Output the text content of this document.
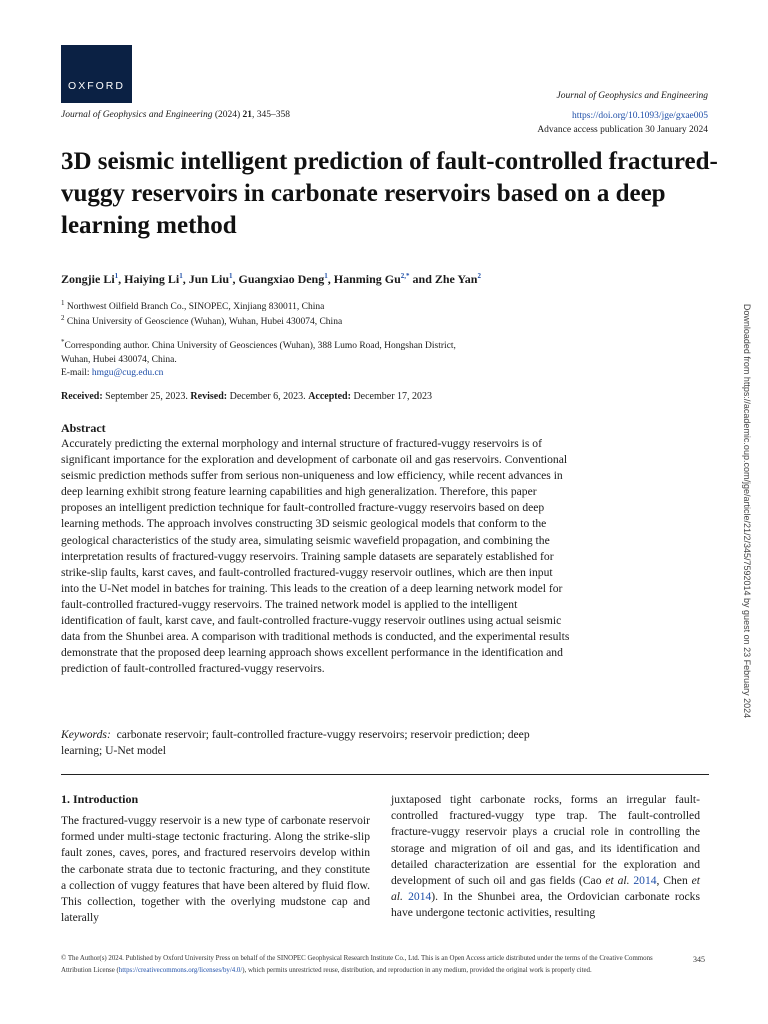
OXFORD
Journal of Geophysics and Engineering
https://doi.org/10.1093/jge/gxae005
Advance access publication 30 January 2024
Journal of Geophysics and Engineering (2024) 21, 345–358
3D seismic intelligent prediction of fault-controlled fractured-vuggy reservoirs in carbonate reservoirs based on a deep learning method
Zongjie Li$^1$, Haiying Li$^1$, Jun Liu$^1$, Guangxiao Deng$^1$, Hanming $Gu^{2,*}$ and Zhe Yan$^2$
$^1$ Northwest Oilfield Branch Co., SINOPEC, Xinjiang 830011, China
$^2$ China University of Geoscience (Wuhan), Wuhan, Hubei 430074, China
*Corresponding author. China University of Geosciences (Wuhan), 388 Lumo Road, Hongshan District,
Wuhan, Hubei 430074, China.
E-mail: hmgu@cug.edu.cn
Received: September 25, 2023. Revised: December 6, 2023. Accepted: December 17, 2023
Abstract
Accurately predicting the external morphology and internal structure of fractured-vuggy reservoirs is of significant importance for the exploration and development of carbonate oil and gas reservoirs. Conventional seismic prediction methods suffer from serious non-uniqueness and low efficiency, while recent advances in deep learning exhibit strong feature learning capabilities and high generalization. Therefore, this paper proposes an intelligent prediction technique for fault-controlled fracture-vuggy reservoirs based on deep learning methods. The approach involves constructing 3D seismic geological models that conform to the geological characteristics of the study area, simulating seismic wavefield propagation, and combining the interpretation results of fractured-vuggy reservoirs. Training sample datasets are separately established for strike-slip faults, karst caves, and fault-controlled fractured-vuggy reservoir outlines, which are then input into the U-Net model in batches for training. This leads to the creation of a deep learning network model for fault-controlled fractured-vuggy reservoirs. The trained network model is applied to the intelligent identification of fault, karst cave, and fault-controlled fracture-vuggy reservoir outlines using actual seismic data from the Shunbei area. A comparison with traditional methods is conducted, and the experimental results demonstrate that the proposed deep learning approach shows excellent performance in the identification and prediction of fault-controlled fractured-vuggy reservoirs.
Keywords: carbonate reservoir; fault-controlled fracture-vuggy reservoirs; reservoir prediction; deep learning; U-Net model
1. Introduction
The fractured-vuggy reservoir is a new type of carbonate reservoir formed under multi-stage tectonic fracturing. Along the strike-slip fault zones, caves, pores, and fractured reservoirs develop within the carbonate strata due to tectonic fracturing, and they constitute a collection of vuggy features that have been altered by fluid flow. This collection, together with the overlying mudstone cap and laterally
juxtaposed tight carbonate rocks, forms an irregular fault-controlled fractured-vuggy type trap. The fault-controlled fracture-vuggy reservoir plays a crucial role in controlling the storage and migration of oil and gas, and its identification and detailed characterization are essential for the exploration and development of such oil and gas fields (Cao et al. 2014, Chen et al. 2014). In the Shunbei area, the Ordovician carbonate rocks have undergone tectonic activities, resulting
© The Author(s) 2024. Published by Oxford University Press on behalf of the SINOPEC Geophysical Research Institute Co., Ltd. This is an Open Access article distributed under the terms of the Creative Commons Attribution License (https://creativecommons.org/licenses/by/4.0/), which permits unrestricted reuse, distribution, and reproduction in any medium, provided the original work is properly cited.
345
Downloaded from https://academic.oup.com/jge/article/21/2/345/7592014 by guest on 23 February 2024
